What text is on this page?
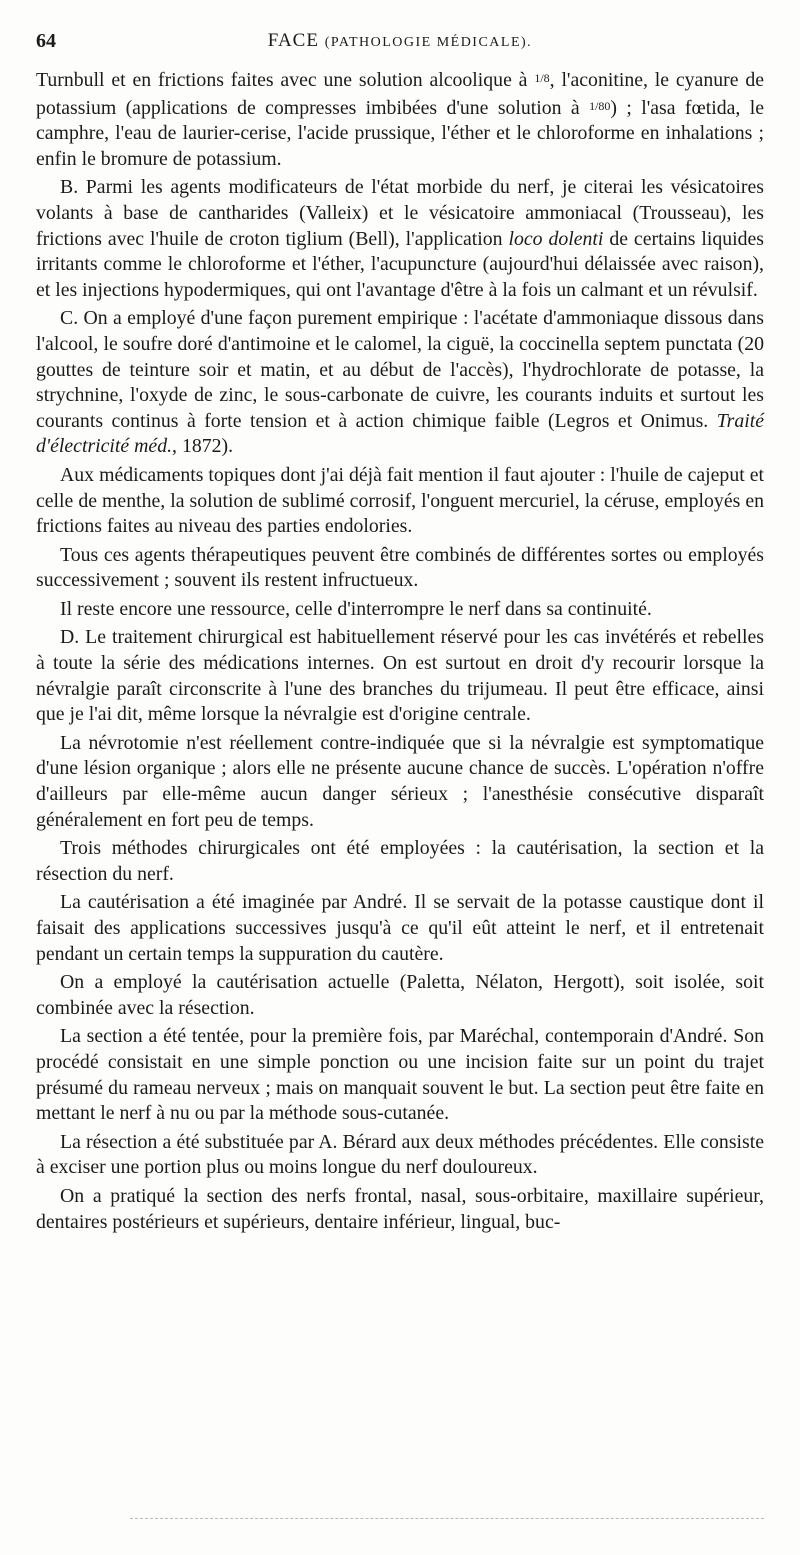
64	FACE (PATHOLOGIE MÉDICALE).

Turnbull et en frictions faites avec une solution alcoolique à $^{1/8}$, l'aconitine, le cyanure de potassium (applications de compresses imbibées d'une solution à $^{1/80}$) ; l'asa fœtida, le camphre, l'eau de laurier-cerise, l'acide prussique, l'éther et le chloroforme en inhalations ; enfin le bromure de potassium.

B. Parmi les agents modificateurs de l'état morbide du nerf, je citerai les vésicatoires volants à base de cantharides (Valleix) et le vésicatoire ammoniacal (Trousseau), les frictions avec l'huile de croton tiglium (Bell), l'application loco dolenti de certains liquides irritants comme le chloroforme et l'éther, l'acupuncture (aujourd'hui délaissée avec raison), et les injections hypodermiques, qui ont l'avantage d'être à la fois un calmant et un révulsif.

C. On a employé d'une façon purement empirique : l'acétate d'ammoniaque dissous dans l'alcool, le soufre doré d'antimoine et le calomel, la ciguë, la coccinella septem punctata (20 gouttes de teinture soir et matin, et au début de l'accès), l'hydrochlorate de potasse, la strychnine, l'oxyde de zinc, le sous-carbonate de cuivre, les courants induits et surtout les courants continus à forte tension et à action chimique faible (Legros et Onimus. Traité d'électricité méd., 1872).

Aux médicaments topiques dont j'ai déjà fait mention il faut ajouter : l'huile de cajeput et celle de menthe, la solution de sublimé corrosif, l'onguent mercuriel, la céruse, employés en frictions faites au niveau des parties endolories.

Tous ces agents thérapeutiques peuvent être combinés de différentes sortes ou employés successivement ; souvent ils restent infructueux.

Il reste encore une ressource, celle d'interrompre le nerf dans sa continuité.

D. Le traitement chirurgical est habituellement réservé pour les cas invétérés et rebelles à toute la série des médications internes. On est surtout en droit d'y recourir lorsque la névralgie paraît circonscrite à l'une des branches du trijumeau. Il peut être efficace, ainsi que je l'ai dit, même lorsque la névralgie est d'origine centrale.

La névrotomie n'est réellement contre-indiquée que si la névralgie est symptomatique d'une lésion organique ; alors elle ne présente aucune chance de succès. L'opération n'offre d'ailleurs par elle-même aucun danger sérieux ; l'anesthésie consécutive disparaît généralement en fort peu de temps.

Trois méthodes chirurgicales ont été employées : la cautérisation, la section et la résection du nerf.

La cautérisation a été imaginée par André. Il se servait de la potasse caustique dont il faisait des applications successives jusqu'à ce qu'il eût atteint le nerf, et il entretenait pendant un certain temps la suppuration du cautère.

On a employé la cautérisation actuelle (Paletta, Nélaton, Hergott), soit isolée, soit combinée avec la résection.

La section a été tentée, pour la première fois, par Maréchal, contemporain d'André. Son procédé consistait en une simple ponction ou une incision faite sur un point du trajet présumé du rameau nerveux ; mais on manquait souvent le but. La section peut être faite en mettant le nerf à nu ou par la méthode sous-cutanée.

La résection a été substituée par A. Bérard aux deux méthodes précédentes. Elle consiste à exciser une portion plus ou moins longue du nerf douloureux.

On a pratiqué la section des nerfs frontal, nasal, sous-orbitaire, maxillaire supérieur, dentaires postérieurs et supérieurs, dentaire inférieur, lingual, buc-
